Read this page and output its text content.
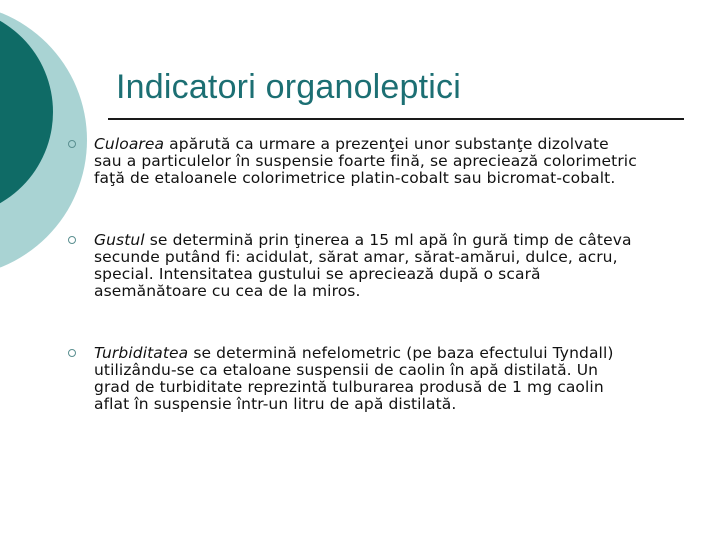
Indicatori organoleptici
Culoarea apărută ca urmare a prezenţei unor substanţe dizolvate sau a particulelor în suspensie foarte fină, se apreciează colorimetric faţă de etaloanele colorimetrice platin-cobalt sau bicromat-cobalt.
Gustul se determină prin ţinerea a 15 ml apă în gură timp de câteva secunde putând fi: acidulat, sărat amar, sărat-amărui, dulce, acru, special. Intensitatea gustului se apreciează după o scară asemănătoare cu cea de la miros.
Turbiditatea se determină nefelometric (pe baza efectului Tyndall) utilizându-se ca etaloane suspensii de caolin în apă distilată. Un grad de turbiditate reprezintă tulburarea produsă de 1 mg caolin aflat în suspensie într-un litru de apă distilată.
